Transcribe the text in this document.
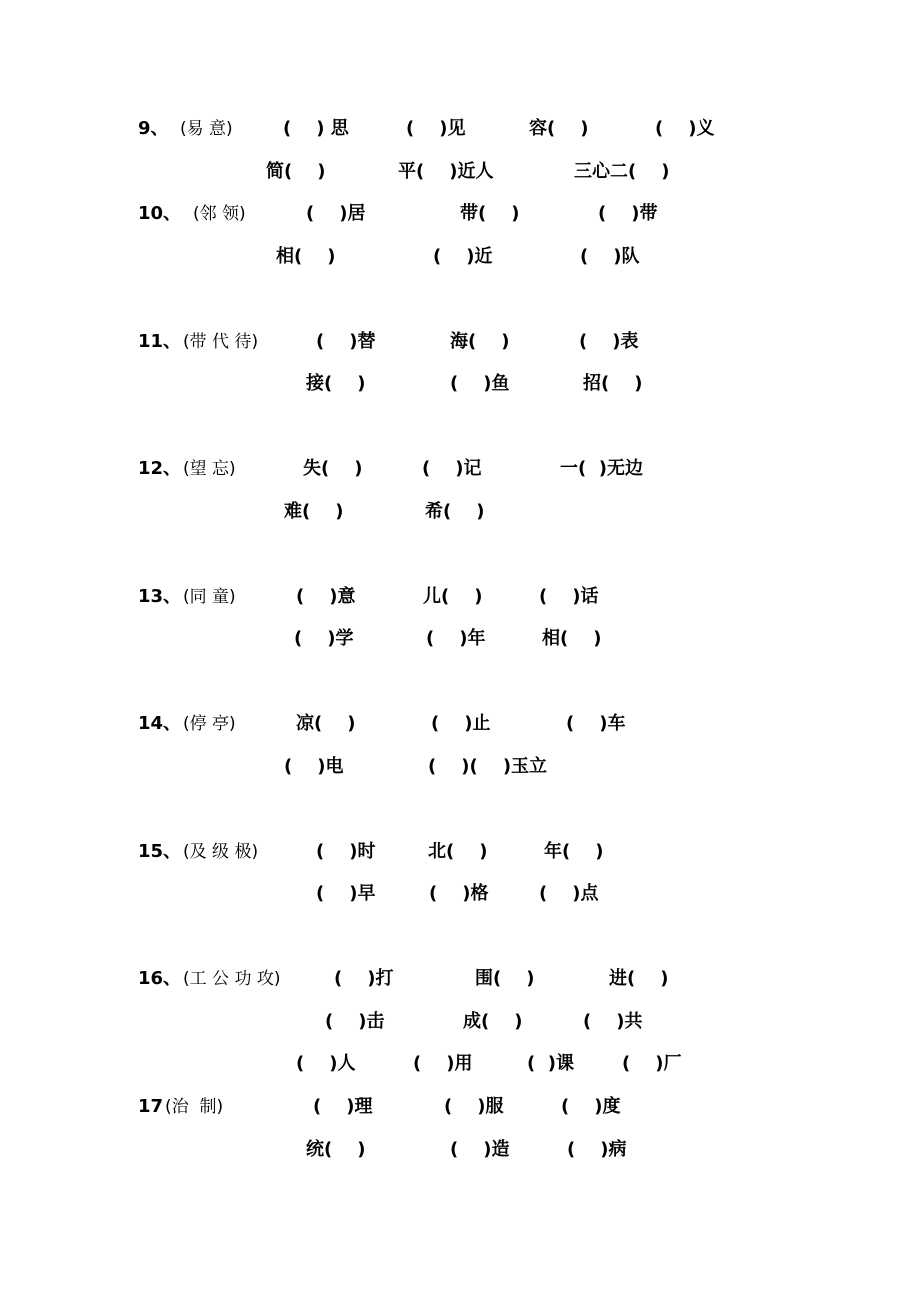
9、 (易 意)	(    ) 思	(    )见	容(    )	(    )义
简(    )	平(    )近人	三心二(    )
10、 (邻 领)	(    )居	带(    )	(    )带
相(    )	(    )近	(    )队
11、 (带 代 待)	(    )替	海(    )	(    )表
接(    )	(    )鱼	招(    )
12、 (望 忘)	失(    )	(    )记	一(  )无边
难(    )	希(    )
13、 (同 童)	(    )意	儿(    )	(    )话
(    )学	(    )年	相(    )
14、 (停 亭)	凉(    )	(    )止	(    )车
(    )电	(    )(    )玉立
15、 (及 级 极)	(    )时	北(    )	年(    )
(    )早	(    )格	(    )点
16、 (工 公 功 攻)	(    )打	围(    )	进(    )
(    )击	成(    )	(    )共
(    )人	(    )用	(  )课	(    )厂
17 (治  制)	(    )理	(    )服	(    )度
统(    )	(    )造	(    )病
